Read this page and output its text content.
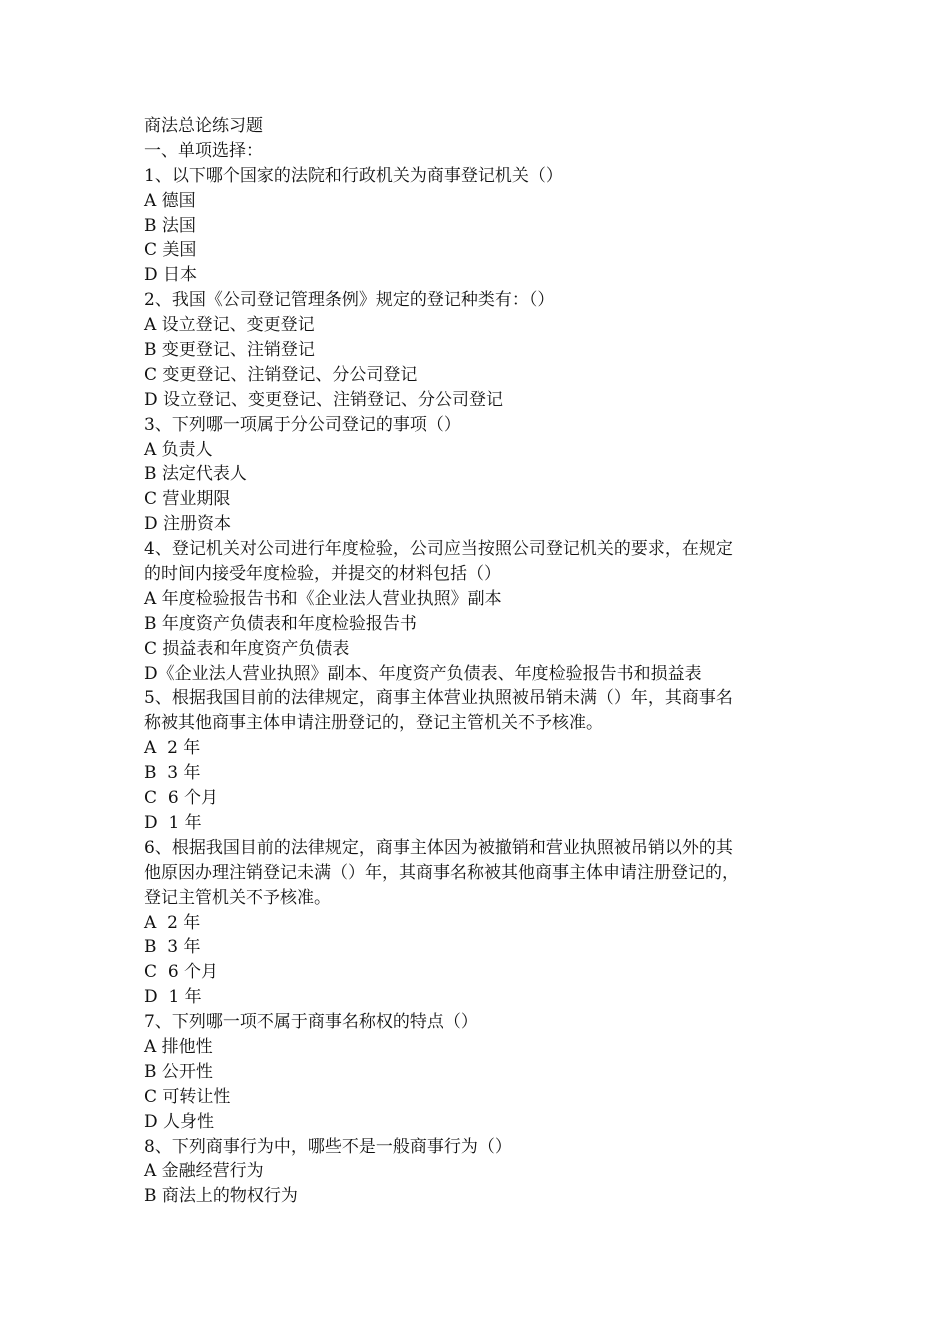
商法总论练习题
一、单项选择：
1、以下哪个国家的法院和行政机关为商事登记机关（）
A 德国
B 法国
C 美国
D 日本
2、我国《公司登记管理条例》规定的登记种类有：（）
A 设立登记、变更登记
B 变更登记、注销登记
C 变更登记、注销登记、分公司登记
D 设立登记、变更登记、注销登记、分公司登记
3、下列哪一项属于分公司登记的事项（）
A 负责人
B 法定代表人
C 营业期限
D 注册资本
4、登记机关对公司进行年度检验，公司应当按照公司登记机关的要求，在规定
的时间内接受年度检验，并提交的材料包括（）
A 年度检验报告书和《企业法人营业执照》副本
B 年度资产负债表和年度检验报告书
C 损益表和年度资产负债表
D《企业法人营业执照》副本、年度资产负债表、年度检验报告书和损益表
5、根据我国目前的法律规定，商事主体营业执照被吊销未满（）年，其商事名
称被其他商事主体申请注册登记的，登记主管机关不予核准。
A  2 年
B  3 年
C  6 个月
D  1 年
6、根据我国目前的法律规定，商事主体因为被撤销和营业执照被吊销以外的其
他原因办理注销登记未满（）年，其商事名称被其他商事主体申请注册登记的，
登记主管机关不予核准。
A  2 年
B  3 年
C  6 个月
D  1 年
7、下列哪一项不属于商事名称权的特点（）
A 排他性
B 公开性
C 可转让性
D 人身性
8、下列商事行为中，哪些不是一般商事行为（）
A 金融经营行为
B 商法上的物权行为
